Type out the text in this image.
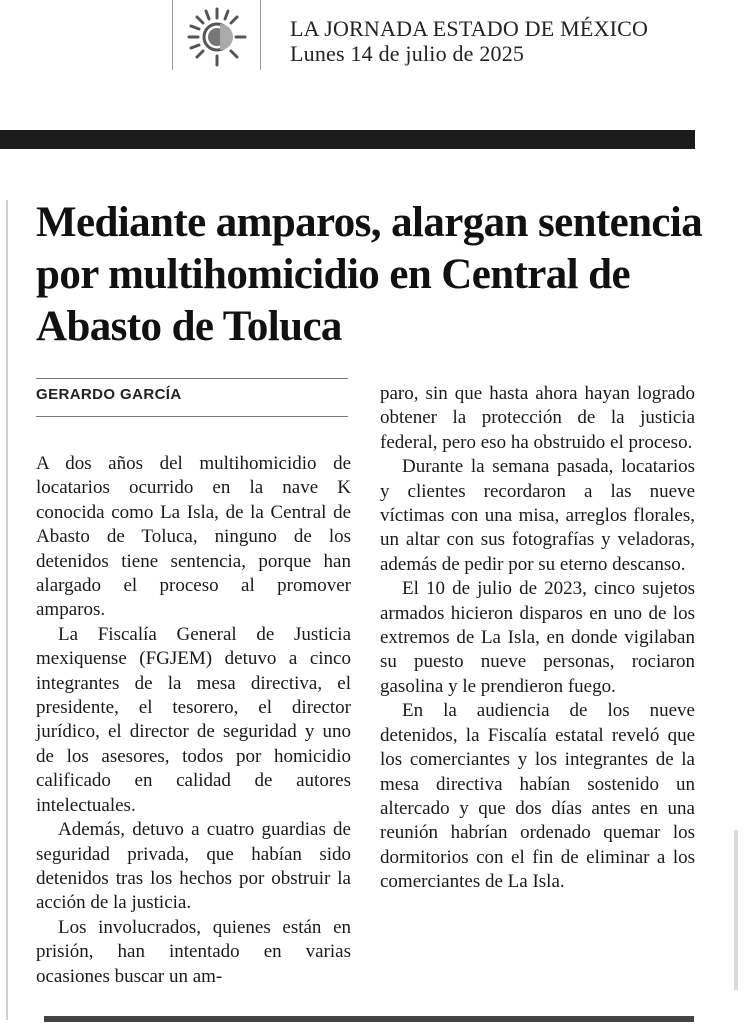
LA JORNADA ESTADO DE MÉXICO
Lunes 14 de julio de 2025
Mediante amparos, alargan sentencia por multihomicidio en Central de Abasto de Toluca
GERARDO GARCÍA

A dos años del multihomicidio de locatarios ocurrido en la nave K conocida como La Isla, de la Central de Abasto de Toluca, ninguno de los detenidos tiene sentencia, porque han alargado el proceso al promover amparos.

La Fiscalía General de Justicia mexiquense (FGJEM) detuvo a cinco integrantes de la mesa directiva, el presidente, el tesorero, el director jurídico, el director de seguridad y uno de los asesores, todos por homicidio calificado en calidad de autores intelectuales.

Además, detuvo a cuatro guardias de seguridad privada, que habían sido detenidos tras los hechos por obstruir la acción de la justicia.

Los involucrados, quienes están en prisión, han intentado en varias ocasiones buscar un am-

paro, sin que hasta ahora hayan logrado obtener la protección de la justicia federal, pero eso ha obstruido el proceso.

Durante la semana pasada, locatarios y clientes recordaron a las nueve víctimas con una misa, arreglos florales, un altar con sus fotografías y veladoras, además de pedir por su eterno descanso.

El 10 de julio de 2023, cinco sujetos armados hicieron disparos en uno de los extremos de La Isla, en donde vigilaban su puesto nueve personas, rociaron gasolina y le prendieron fuego.

En la audiencia de los nueve detenidos, la Fiscalía estatal reveló que los comerciantes y los integrantes de la mesa directiva habían sostenido un altercado y que dos días antes en una reunión habrían ordenado quemar los dormitorios con el fin de eliminar a los comerciantes de La Isla.
